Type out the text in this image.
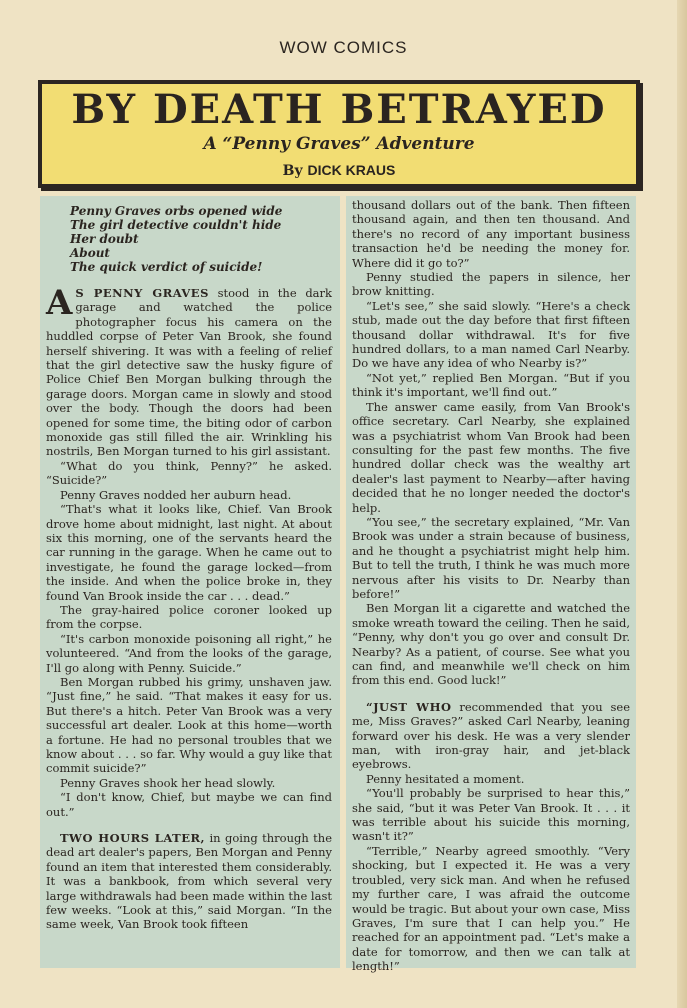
WOW COMICS
BY DEATH BETRAYED
A “Penny Graves” Adventure
By DICK KRAUS
Penny Graves orbs opened wide
The girl detective couldn't hide
Her doubt
About
The quick verdict of suicide!

A S PENNY GRAVES stood in the dark garage and watched the police photographer focus his camera on the huddled corpse of Peter Van Brook, she found herself shivering. It was with a feeling of relief that the girl detective saw the husky figure of Police Chief Ben Morgan bulking through the garage doors. Morgan came in slowly and stood over the body. Though the doors had been opened for some time, the biting odor of carbon monoxide gas still filled the air. Wrinkling his nostrils, Ben Morgan turned to his girl assistant.

“What do you think, Penny?” he asked. “Suicide?”

Penny Graves nodded her auburn head.

“That's what it looks like, Chief. Van Brook drove home about midnight, last night. At about six this morning, one of the servants heard the car running in the garage. When he came out to investigate, he found the garage locked—from the inside. And when the police broke in, they found Van Brook inside the car . . . dead.”

The gray-haired police coroner looked up from the corpse.

“It's carbon monoxide poisoning all right,” he volunteered. “And from the looks of the garage, I'll go along with Penny. Suicide.”

Ben Morgan rubbed his grimy, unshaven jaw. “Just fine,” he said. “That makes it easy for us. But there's a hitch. Peter Van Brook was a very successful art dealer. Look at this home—worth a fortune. He had no personal troubles that we know about . . . so far. Why would a guy like that commit suicide?”

Penny Graves shook her head slowly.

“I don't know, Chief, but maybe we can find out.”

TWO HOURS LATER, in going through the dead art dealer's papers, Ben Morgan and Penny found an item that interested them considerably. It was a bankbook, from which several very large withdrawals had been made within the last few weeks. “Look at this,” said Morgan. “In the same week, Van Brook took fifteen

thousand dollars out of the bank. Then fifteen thousand again, and then ten thousand. And there's no record of any important business transaction he'd be needing the money for. Where did it go to?”

Penny studied the papers in silence, her brow knitting.

“Let's see,” she said slowly. “Here's a check stub, made out the day before that first fifteen thousand dollar withdrawal. It's for five hundred dollars, to a man named Carl Nearby. Do we have any idea of who Nearby is?”

“Not yet,” replied Ben Morgan. “But if you think it's important, we'll find out.”

The answer came easily, from Van Brook's office secretary. Carl Nearby, she explained was a psychiatrist whom Van Brook had been consulting for the past few months. The five hundred dollar check was the wealthy art dealer's last payment to Nearby—after having decided that he no longer needed the doctor's help.

“You see,” the secretary explained, “Mr. Van Brook was under a strain because of business, and he thought a psychiatrist might help him. But to tell the truth, I think he was much more nervous after his visits to Dr. Nearby than before!”

Ben Morgan lit a cigarette and watched the smoke wreath toward the ceiling. Then he said, “Penny, why don't you go over and consult Dr. Nearby? As a patient, of course. See what you can find, and meanwhile we'll check on him from this end. Good luck!”

“JUST WHO recommended that you see me, Miss Graves?” asked Carl Nearby, leaning forward over his desk. He was a very slender man, with iron-gray hair, and jet-black eyebrows.

Penny hesitated a moment.

“You'll probably be surprised to hear this,” she said, “but it was Peter Van Brook. It . . . it was terrible about his suicide this morning, wasn't it?”

“Terrible,” Nearby agreed smoothly. “Very shocking, but I expected it. He was a very troubled, very sick man. And when he refused my further care, I was afraid the outcome would be tragic. But about your own case, Miss Graves, I'm sure that I can help you.” He reached for an appointment pad. “Let's make a date for tomorrow, and then we can talk at length!”
